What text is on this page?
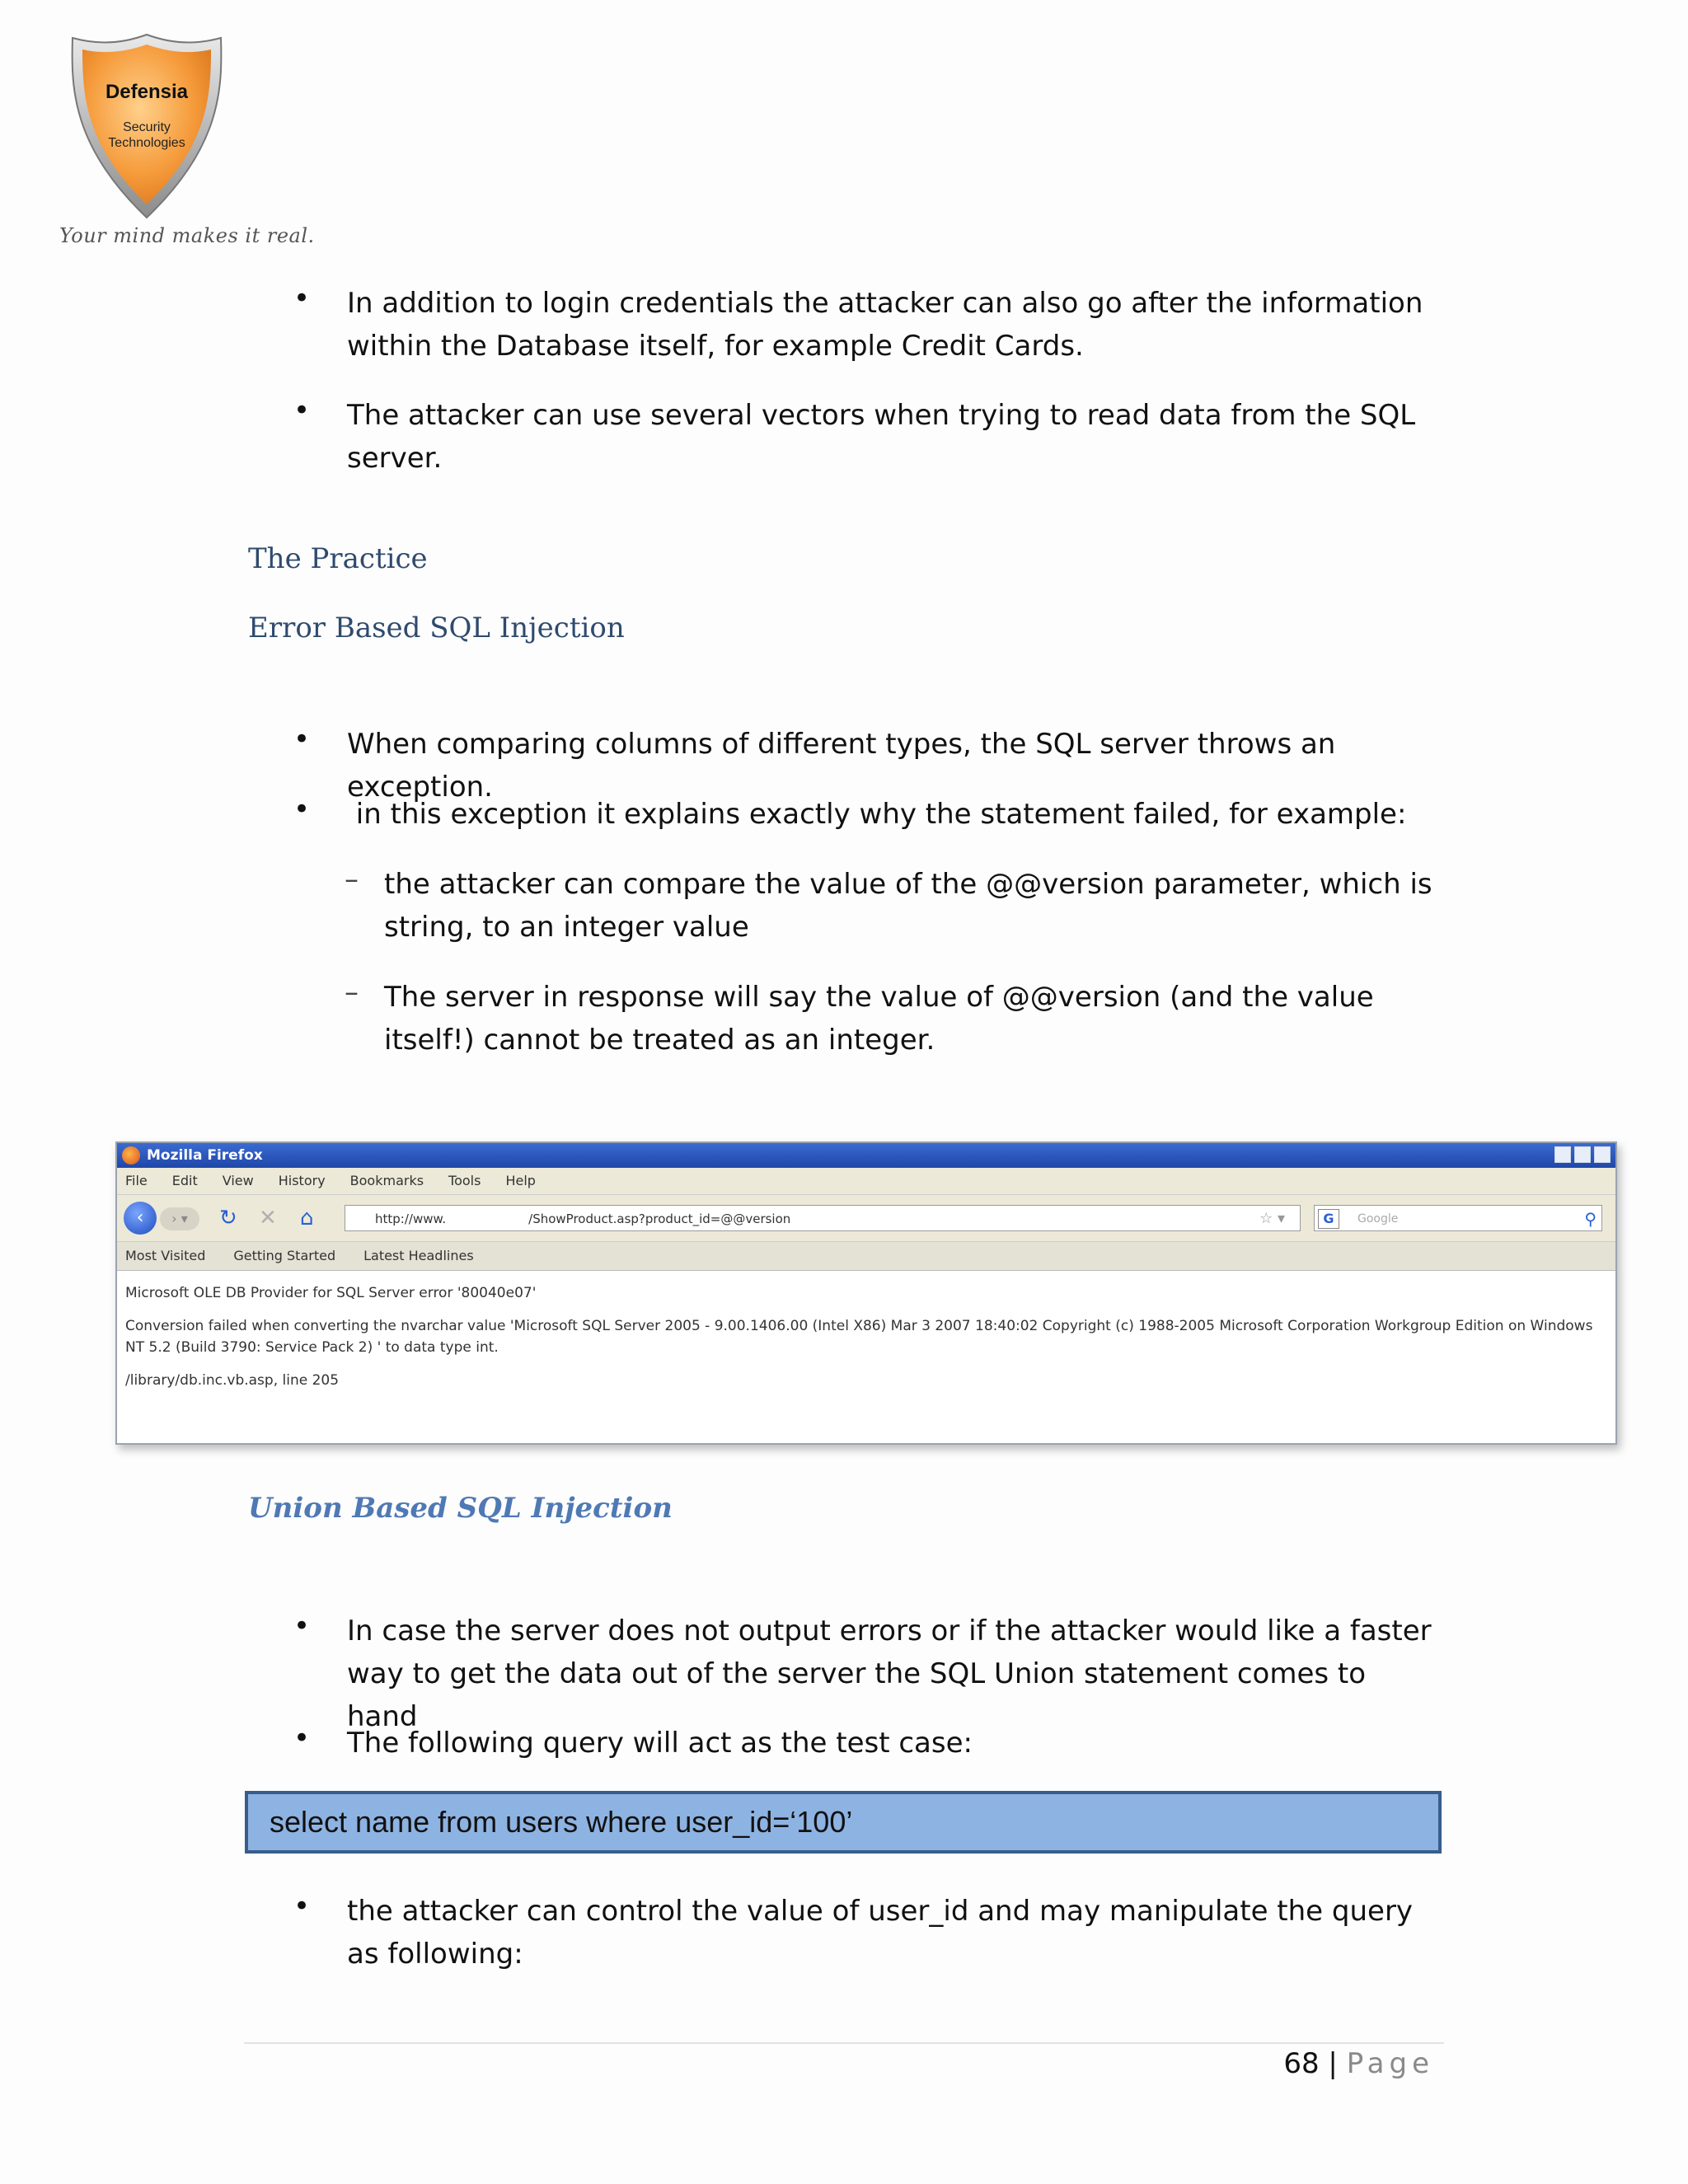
Defensia
Security
Technologies
Your mind makes it real.
• In addition to login credentials the attacker can also go after the information within the Database itself, for example Credit Cards.
• The attacker can use several vectors when trying to read data from the SQL server.
The Practice
Error Based SQL Injection
• When comparing columns of different types, the SQL server throws an exception.
• in this exception it explains exactly why the statement failed, for example:
– the attacker can compare the value of the @@version parameter, which is string, to an integer value
– The server in response will say the value of @@version (and the value itself!) cannot be treated as an integer.
Mozilla Firefox
File Edit View History Bookmarks Tools Help
‹	› ▾	↻ ✕ ⌂	http://www.	/ShowProduct.asp?product_id=@@version	☆ ▾	G	Google	⚲
Most Visited Getting Started Latest Headlines

Microsoft OLE DB Provider for SQL Server error '80040e07'

Conversion failed when converting the nvarchar value 'Microsoft SQL Server 2005 - 9.00.1406.00 (Intel X86) Mar 3 2007 18:40:02 Copyright (c) 1988-2005 Microsoft Corporation Workgroup Edition on Windows NT 5.2 (Build 3790: Service Pack 2) ' to data type int.

/library/db.inc.vb.asp, line 205

Union Based SQL Injection
• In case the server does not output errors or if the attacker would like a faster way to get the data out of the server the SQL Union statement comes to hand
• The following query will act as the test case:
select name from users where user_id=‘100’
• the attacker can control the value of user_id and may manipulate the query as following:
68 | Page
